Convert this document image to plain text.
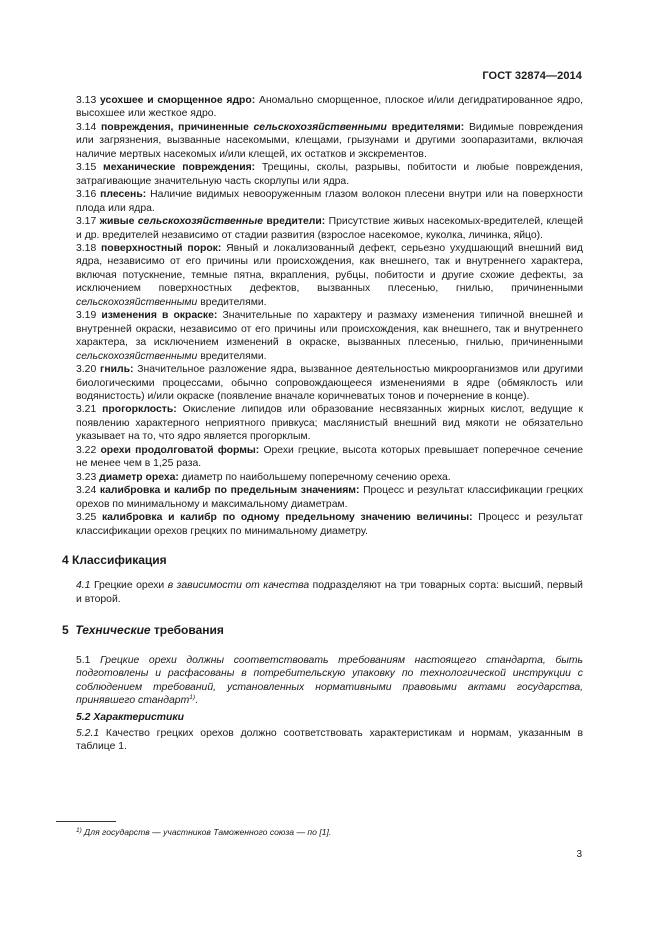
ГОСТ 32874—2014

3.13 усохшее и сморщенное ядро: Аномально сморщенное, плоское и/или дегидратированное ядро, высохшее или жесткое ядро.

3.14 повреждения, причиненные сельскохозяйственными вредителями: Видимые повреждения или загрязнения, вызванные насекомыми, клещами, грызунами и другими зоопаразитами, включая наличие мертвых насекомых и/или клещей, их остатков и экскрементов.

3.15 механические повреждения: Трещины, сколы, разрывы, побитости и любые повреждения, затрагивающие значительную часть скорлупы или ядра.

3.16 плесень: Наличие видимых невооруженным глазом волокон плесени внутри или на поверхности плода или ядра.

3.17 живые сельскохозяйственные вредители: Присутствие живых насекомых-вредителей, клещей и др. вредителей независимо от стадии развития (взрослое насекомое, куколка, личинка, яйцо).

3.18 поверхностный порок: Явный и локализованный дефект, серьезно ухудшающий внешний вид ядра, независимо от его причины или происхождения, как внешнего, так и внутреннего характера, включая потускнение, темные пятна, вкрапления, рубцы, побитости и другие схожие дефекты, за исключением поверхностных дефектов, вызванных плесенью, гнилью, причиненными сельскохозяйственными вредителями.

3.19 изменения в окраске: Значительные по характеру и размаху изменения типичной внешней и внутренней окраски, независимо от его причины или происхождения, как внешнего, так и внутреннего характера, за исключением изменений в окраске, вызванных плесенью, гнилью, причиненными сельскохозяйственными вредителями.

3.20 гниль: Значительное разложение ядра, вызванное деятельностью микроорганизмов или другими биологическими процессами, обычно сопровождающееся изменениями в ядре (обмяклость или водянистость) и/или окраске (появление вначале коричневатых тонов и почернение в конце).

3.21 прогорклость: Окисление липидов или образование несвязанных жирных кислот, ведущие к появлению характерного неприятного привкуса; маслянистый внешний вид мякоти не обязательно указывает на то, что ядро является прогорклым.

3.22 орехи продолговатой формы: Орехи грецкие, высота которых превышает поперечное сечение не менее чем в 1,25 раза.

3.23 диаметр ореха: диаметр по наибольшему поперечному сечению ореха.

3.24 калибровка и калибр по предельным значениям: Процесс и результат классификации грецких орехов по минимальному и максимальному диаметрам.

3.25 калибровка и калибр по одному предельному значению величины: Процесс и результат классификации орехов грецких по минимальному диаметру.

4 Классификация

4.1 Грецкие орехи в зависимости от качества подразделяют на три товарных сорта: высший, первый и второй.

5 Технические требования

5.1 Грецкие орехи должны соответствовать требованиям настоящего стандарта, быть подготовлены и расфасованы в потребительскую упаковку по технологической инструкции с соблюдением требований, установленных нормативными правовыми актами государства, принявшего стандарт$^{1)}$.

5.2 Характеристики

5.2.1 Качество грецких орехов должно соответствовать характеристикам и нормам, указанным в таблице 1.

$^{1)}$ Для государств — участников Таможенного союза — по [1].
3
